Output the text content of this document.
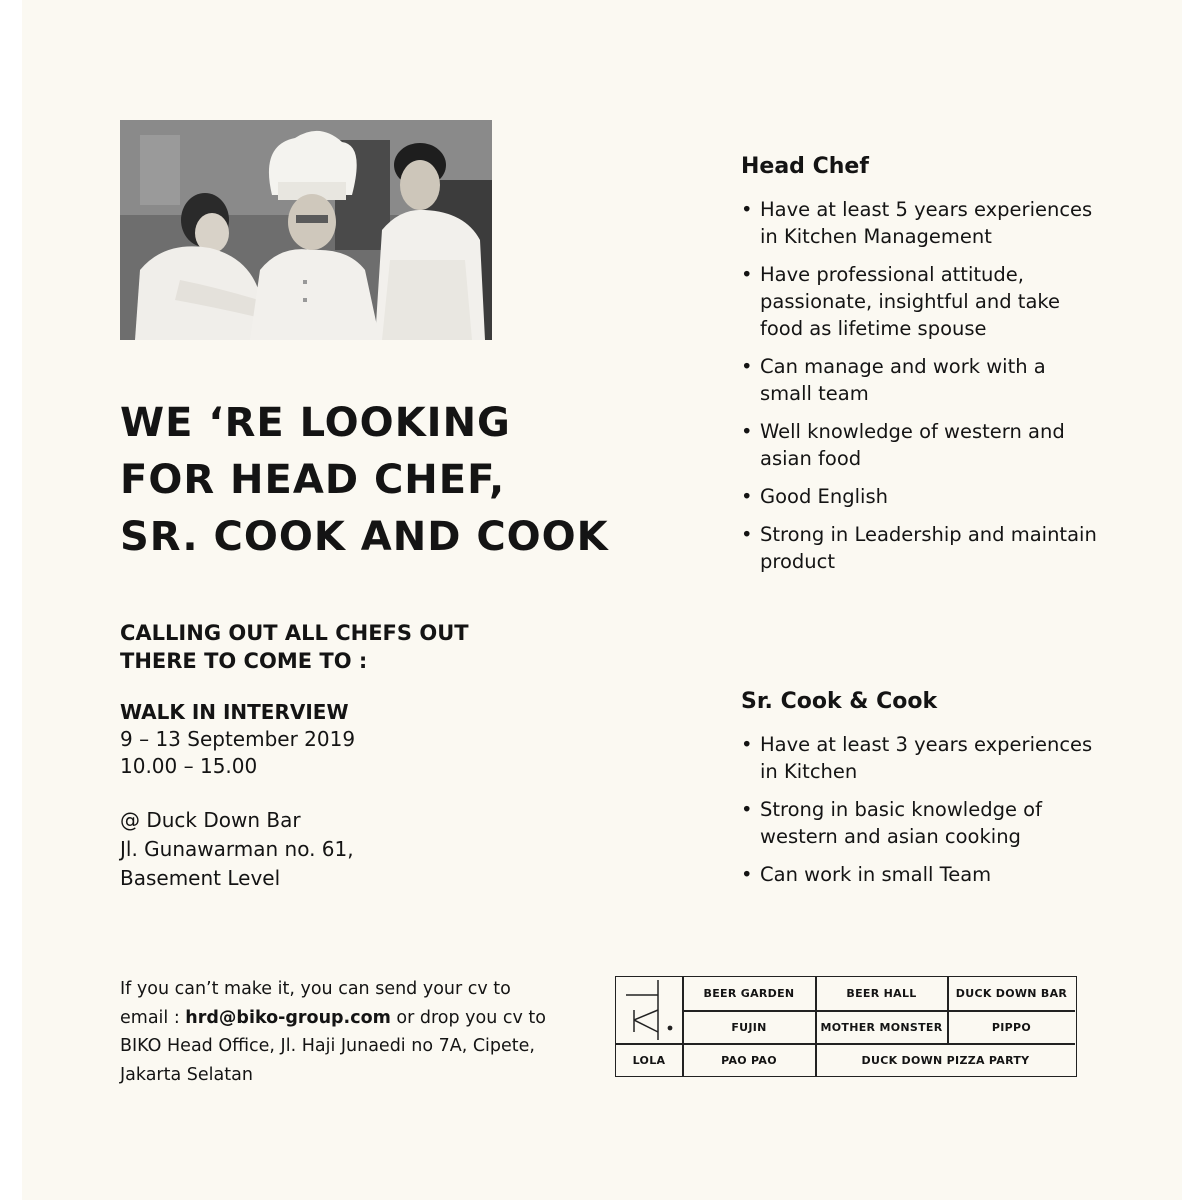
WE ‘RE LOOKING
FOR HEAD CHEF,
SR. COOK AND COOK

CALLING OUT ALL CHEFS OUT
THERE TO COME TO :

WALK IN INTERVIEW
9 – 13 September 2019
10.00 – 15.00
@ Duck Down Bar
Jl. Gunawarman no. 61,
Basement Level
Head Chef
• Have at least 5 years experiences in Kitchen Management
• Have professional attitude, passionate, insightful and take food as lifetime spouse
• Can manage and work with a small team
• Well knowledge of western and asian food
• Good English
• Strong in Leadership and maintain product
Sr. Cook & Cook
• Have at least 3 years experiences in Kitchen
• Strong in basic knowledge of western and asian cooking
• Can work in small Team
If you can’t make it, you can send your cv to email : hrd@biko-group.com or drop you cv to BIKO Head Office, Jl. Haji Junaedi no 7A, Cipete, Jakarta Selatan
BEER GARDEN	BEER HALL	DUCK DOWN BAR
FUJIN	MOTHER MONSTER	PIPPO
LOLA	PAO PAO	DUCK DOWN PIZZA PARTY
